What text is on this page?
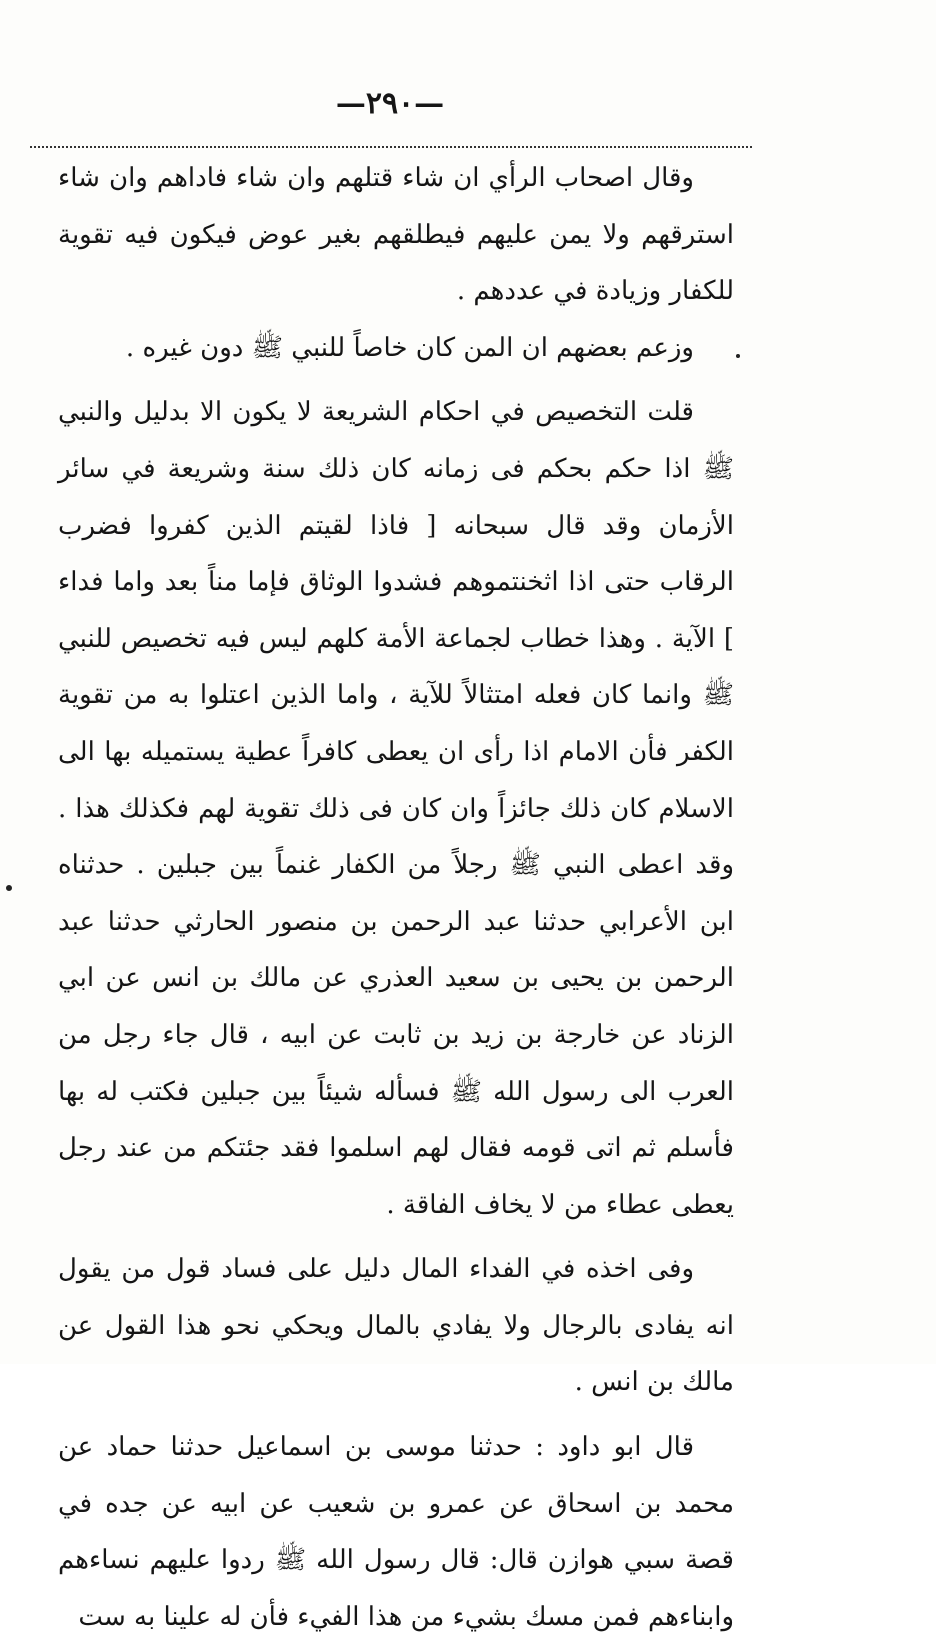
—٢٩٠—

وقال اصحاب الرأي ان شاء قتلهم وان شاء فاداهم وان شاء استرقهم ولا يمن عليهم فيطلقهم بغير عوض فيكون فيه تقوية للكفار وزيادة في عددهم .

وزعم بعضهم ان المن كان خاصاً للنبي ﷺ دون غيره .

قلت التخصيص في احكام الشريعة لا يكون الا بدليل والنبي ﷺ اذا حكم بحكم فى زمانه كان ذلك سنة وشريعة في سائر الأزمان وقد قال سبحانه [ فاذا لقيتم الذين كفروا فضرب الرقاب حتى اذا اثخنتموهم فشدوا الوثاق فإما مناً بعد واما فداء ] الآية . وهذا خطاب لجماعة الأمة كلهم ليس فيه تخصيص للنبي ﷺ وانما كان فعله امتثالاً للآية ، واما الذين اعتلوا به من تقوية الكفر فأن الامام اذا رأى ان يعطى كافراً عطية يستميله بها الى الاسلام كان ذلك جائزاً وان كان فى ذلك تقوية لهم فكذلك هذا . وقد اعطى النبي ﷺ رجلاً من الكفار غنماً بين جبلين . حدثناه ابن الأعرابي حدثنا عبد الرحمن بن منصور الحارثي حدثنا عبد الرحمن بن يحيى بن سعيد العذري عن مالك بن انس عن ابي الزناد عن خارجة بن زيد بن ثابت عن ابيه ، قال جاء رجل من العرب الى رسول الله ﷺ فسأله شيئاً بين جبلين فكتب له بها فأسلم ثم اتى قومه فقال لهم اسلموا فقد جئتكم من عند رجل يعطى عطاء من لا يخاف الفاقة .

وفى اخذه في الفداء المال دليل على فساد قول من يقول انه يفادى بالرجال ولا يفادي بالمال ويحكي نحو هذا القول عن مالك بن انس .

قال ابو داود : حدثنا موسى بن اسماعيل حدثنا حماد عن محمد بن اسحاق عن عمرو بن شعيب عن ابيه عن جده في قصة سبي هوازن قال: قال رسول الله ﷺ ردوا عليهم نساءهم وابناءهم فمن مسك بشيء من هذا الفيء فأن له علينا به ست
